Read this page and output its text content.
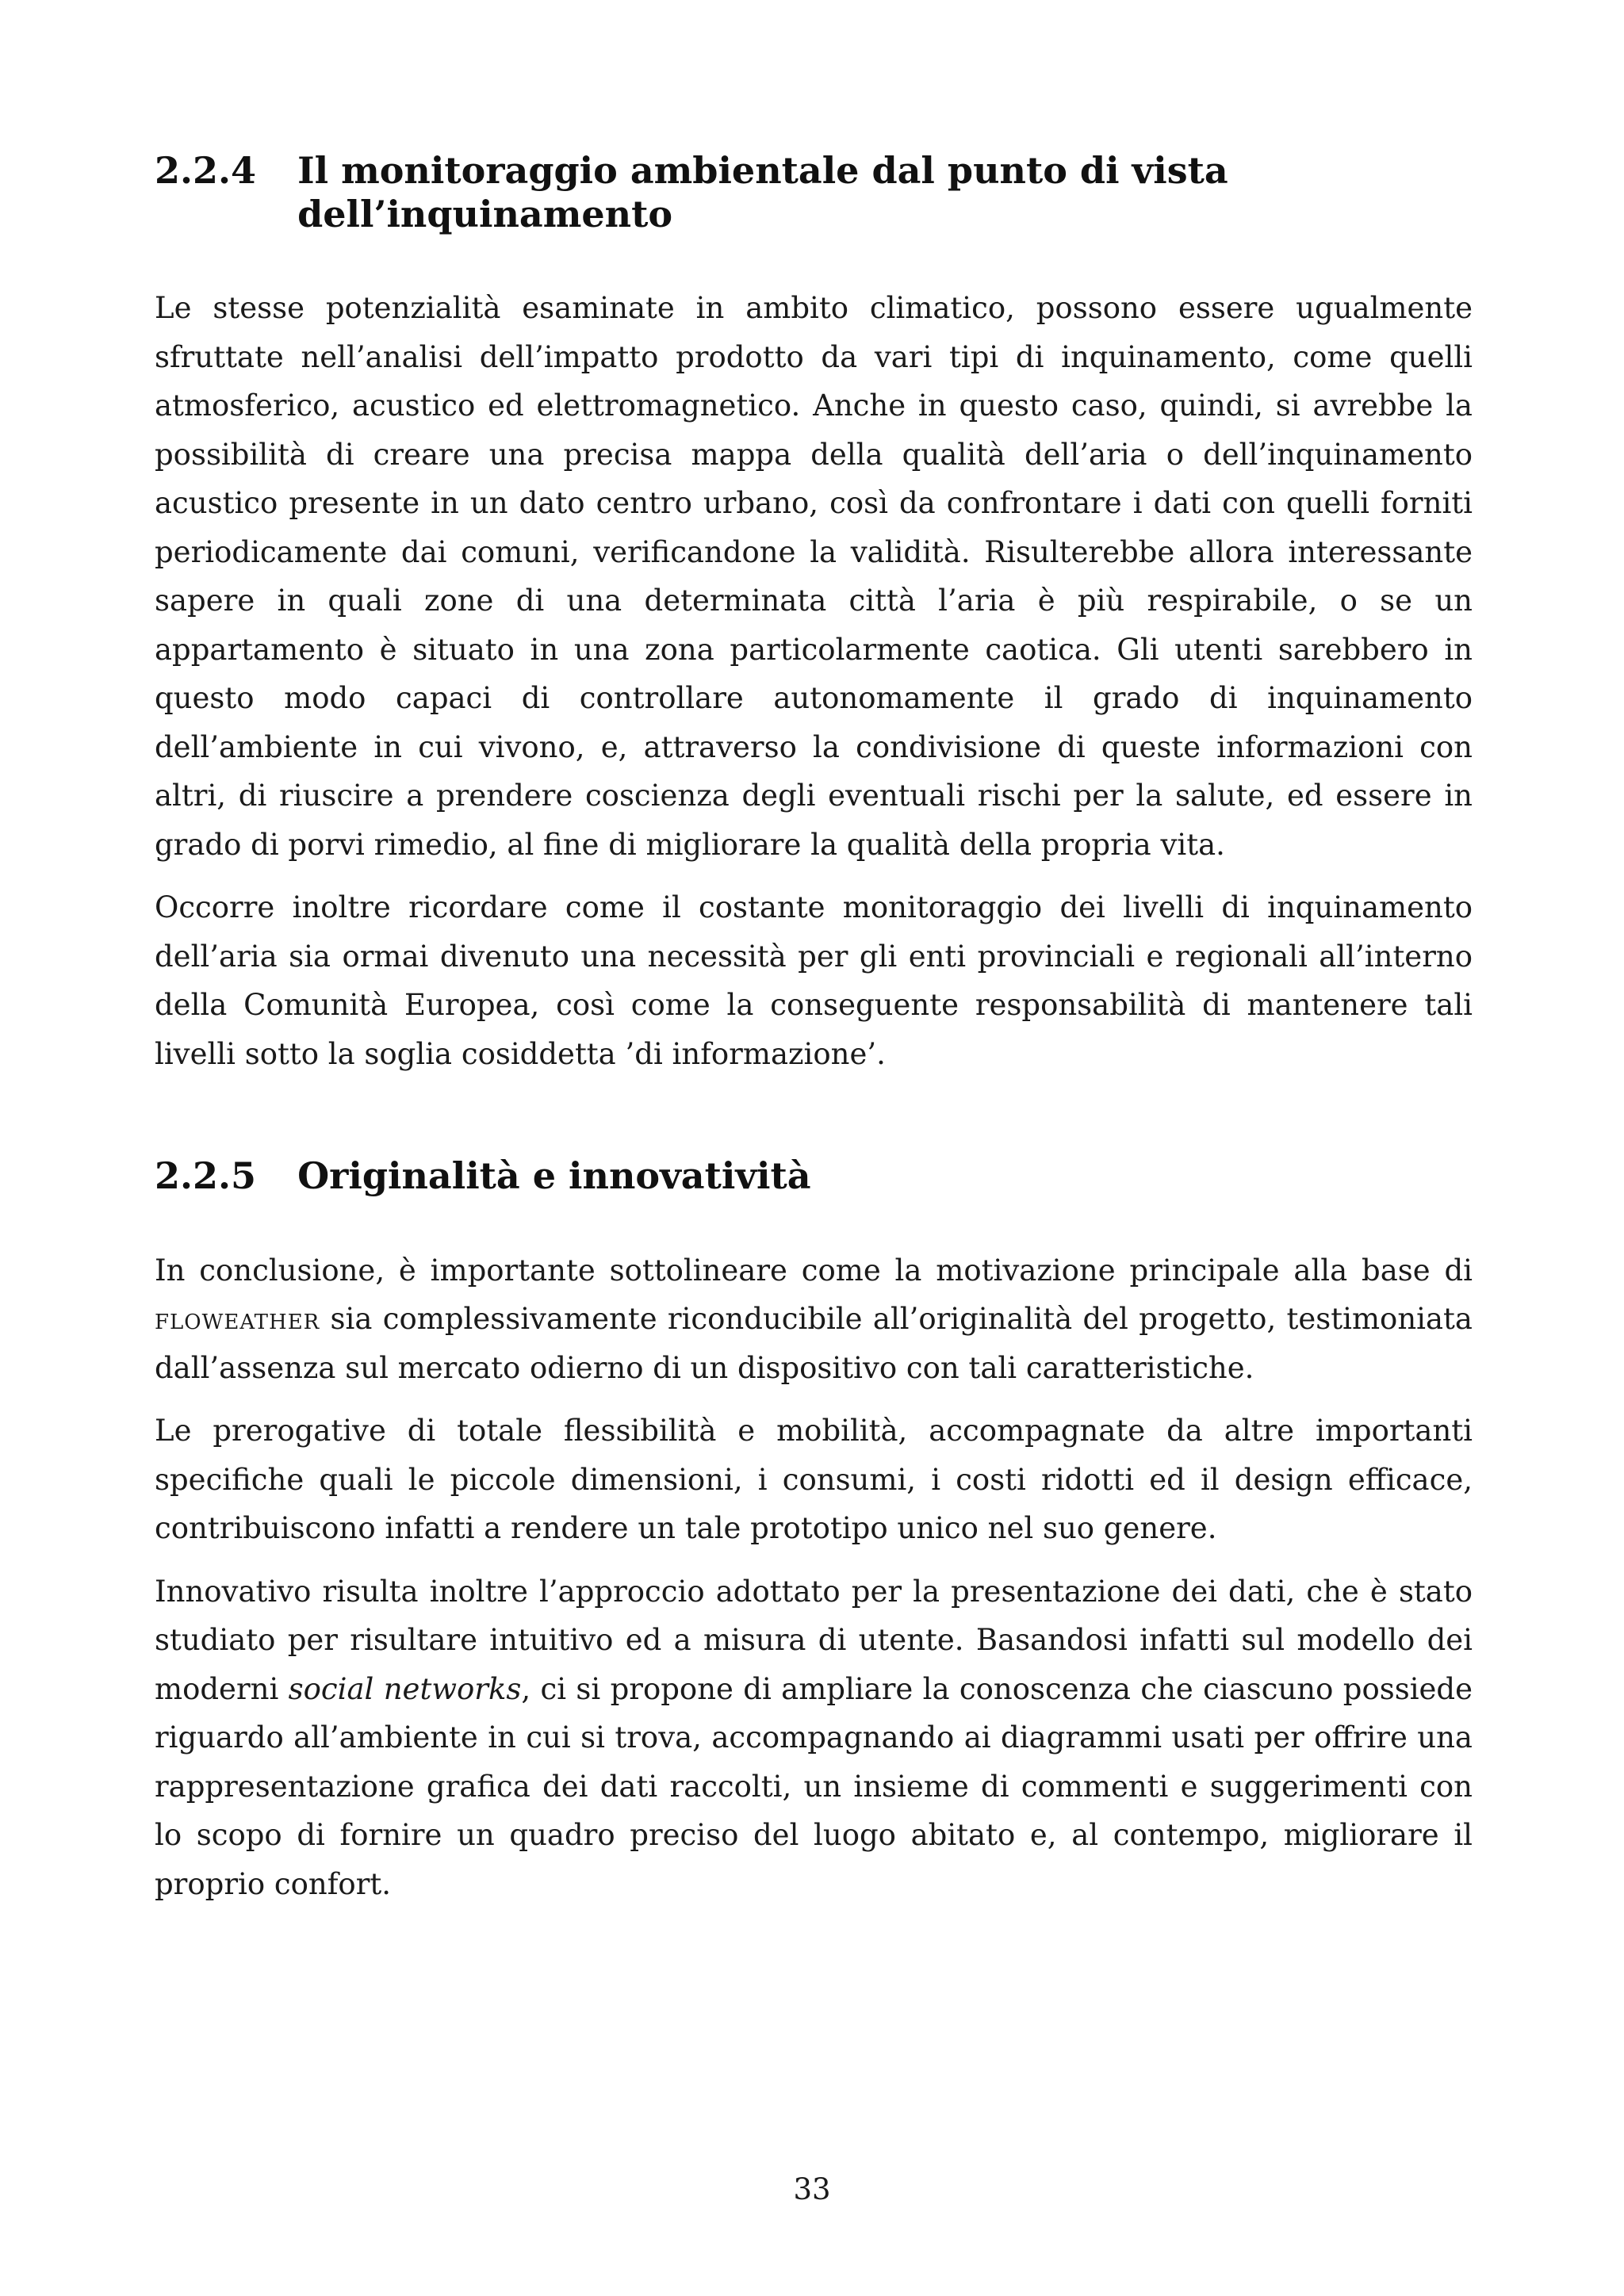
2.2.4 Il monitoraggio ambientale dal punto di vista dell’inquinamento

Le stesse potenzialità esaminate in ambito climatico, possono essere ugualmente sfruttate nell’analisi dell’impatto prodotto da vari tipi di inquinamento, come quelli atmosferico, acustico ed elettromagnetico. Anche in questo caso, quindi, si avrebbe la possibilità di creare una precisa mappa della qualità dell’aria o dell’inquinamento acustico presente in un dato centro urbano, così da confrontare i dati con quelli forniti periodicamente dai comuni, verificandone la validità. Risulterebbe allora interessante sapere in quali zone di una determinata città l’aria è più respirabile, o se un appartamento è situato in una zona particolarmente caotica. Gli utenti sarebbero in questo modo capaci di controllare autonomamente il grado di inquinamento dell’ambiente in cui vivono, e, attraverso la condivisione di queste informazioni con altri, di riuscire a prendere coscienza degli eventuali rischi per la salute, ed essere in grado di porvi rimedio, al fine di migliorare la qualità della propria vita.

Occorre inoltre ricordare come il costante monitoraggio dei livelli di inquinamento dell’aria sia ormai divenuto una necessità per gli enti provinciali e regionali all’interno della Comunità Europea, così come la conseguente responsabilità di mantenere tali livelli sotto la soglia cosiddetta ’di informazione’.

2.2.5 Originalità e innovatività

In conclusione, è importante sottolineare come la motivazione principale alla base di floweather sia complessivamente riconducibile all’originalità del progetto, testimoniata dall’assenza sul mercato odierno di un dispositivo con tali caratteristiche.

Le prerogative di totale flessibilità e mobilità, accompagnate da altre importanti specifiche quali le piccole dimensioni, i consumi, i costi ridotti ed il design efficace, contribuiscono infatti a rendere un tale prototipo unico nel suo genere.

Innovativo risulta inoltre l’approccio adottato per la presentazione dei dati, che è stato studiato per risultare intuitivo ed a misura di utente. Basandosi infatti sul modello dei moderni social networks, ci si propone di ampliare la conoscenza che ciascuno possiede riguardo all’ambiente in cui si trova, accompagnando ai diagrammi usati per offrire una rappresentazione grafica dei dati raccolti, un insieme di commenti e suggerimenti con lo scopo di fornire un quadro preciso del luogo abitato e, al contempo, migliorare il proprio confort.

33
